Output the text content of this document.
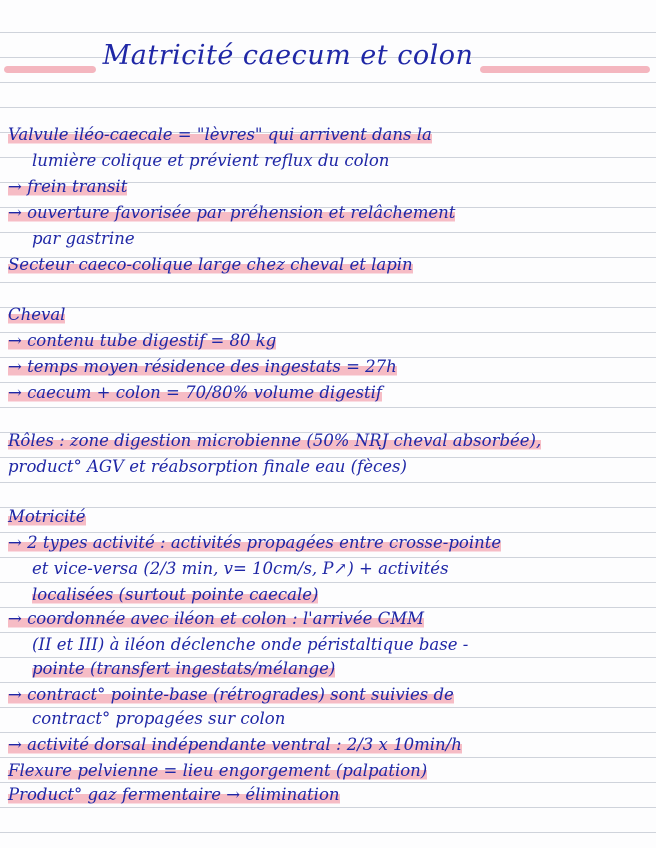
Matricité caecum et colon
Valvule iléo-caecale = "lèvres" qui arrivent dans la
lumière colique et prévient reflux du colon
→ frein transit
→ ouverture favorisée par préhension et relâchement
par gastrine
Secteur caeco-colique large chez cheval et lapin
Cheval
→ contenu tube digestif = 80 kg
→ temps moyen résidence des ingestats = 27h
→ caecum + colon = 70/80% volume digestif
Rôles : zone digestion microbienne (50% NRJ cheval absorbée),
product° AGV et réabsorption finale eau (fèces)
Motricité
→ 2 types activité : activités propagées entre crosse-pointe
et vice-versa (2/3 min, v= 10cm/s, P↗) + activités
localisées (surtout pointe caecale)
→ coordonnée avec iléon et colon : l'arrivée CMM
(II et III) à iléon déclenche onde péristaltique base -
pointe (transfert ingestats/mélange)
→ contract° pointe-base (rétrogrades) sont suivies de
contract° propagées sur colon
→ activité dorsal indépendante ventral : 2/3 x 10min/h
Flexure pelvienne = lieu engorgement (palpation)
Product° gaz fermentaire → élimination
